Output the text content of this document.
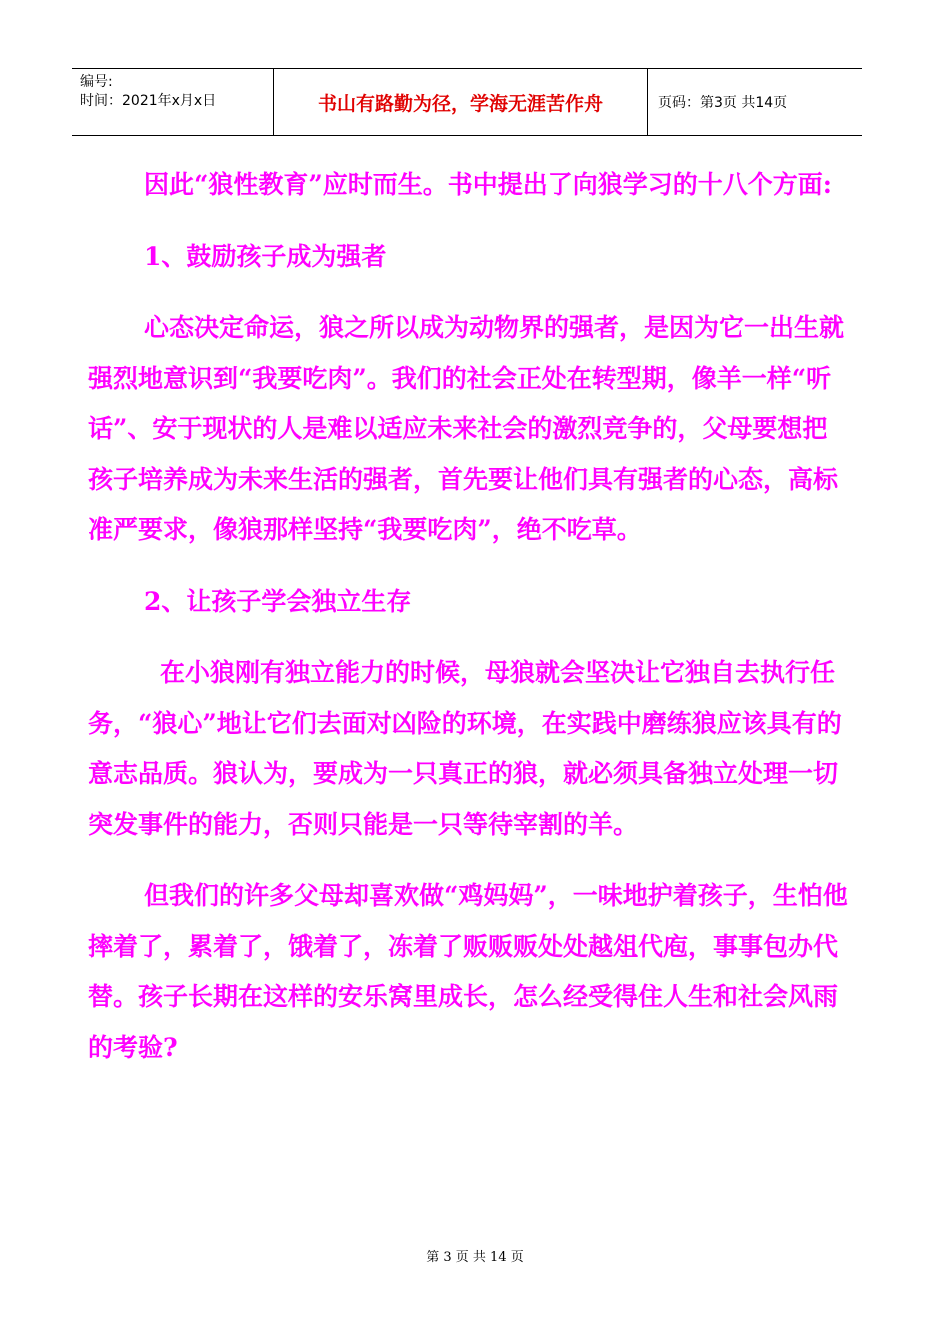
编号:
时间：2021年x月x日	书山有路勤为径，学海无涯苦作舟	页码：第3页 共14页

因此“狼性教育”应时而生。书中提出了向狼学习的十八个方面:

1、鼓励孩子成为强者

心态决定命运，狼之所以成为动物界的强者，是因为它一出生就强烈地意识到“我要吃肉”。我们的社会正处在转型期，像羊一样“听话”、安于现状的人是难以适应未来社会的激烈竞争的，父母要想把孩子培养成为未来生活的强者，首先要让他们具有强者的心态，高标准严要求，像狼那样坚持“我要吃肉”，绝不吃草。

2、让孩子学会独立生存

在小狼刚有独立能力的时候，母狼就会坚决让它独自去执行任务，“狼心”地让它们去面对凶险的环境，在实践中磨练狼应该具有的意志品质。狼认为，要成为一只真正的狼，就必须具备独立处理一切突发事件的能力，否则只能是一只等待宰割的羊。

但我们的许多父母却喜欢做“鸡妈妈”，一味地护着孩子，生怕他摔着了，累着了，饿着了，冻着了贩贩贩处处越俎代庖，事事包办代替。孩子长期在这样的安乐窝里成长，怎么经受得住人生和社会风雨的考验?

第 3 页 共 14 页
